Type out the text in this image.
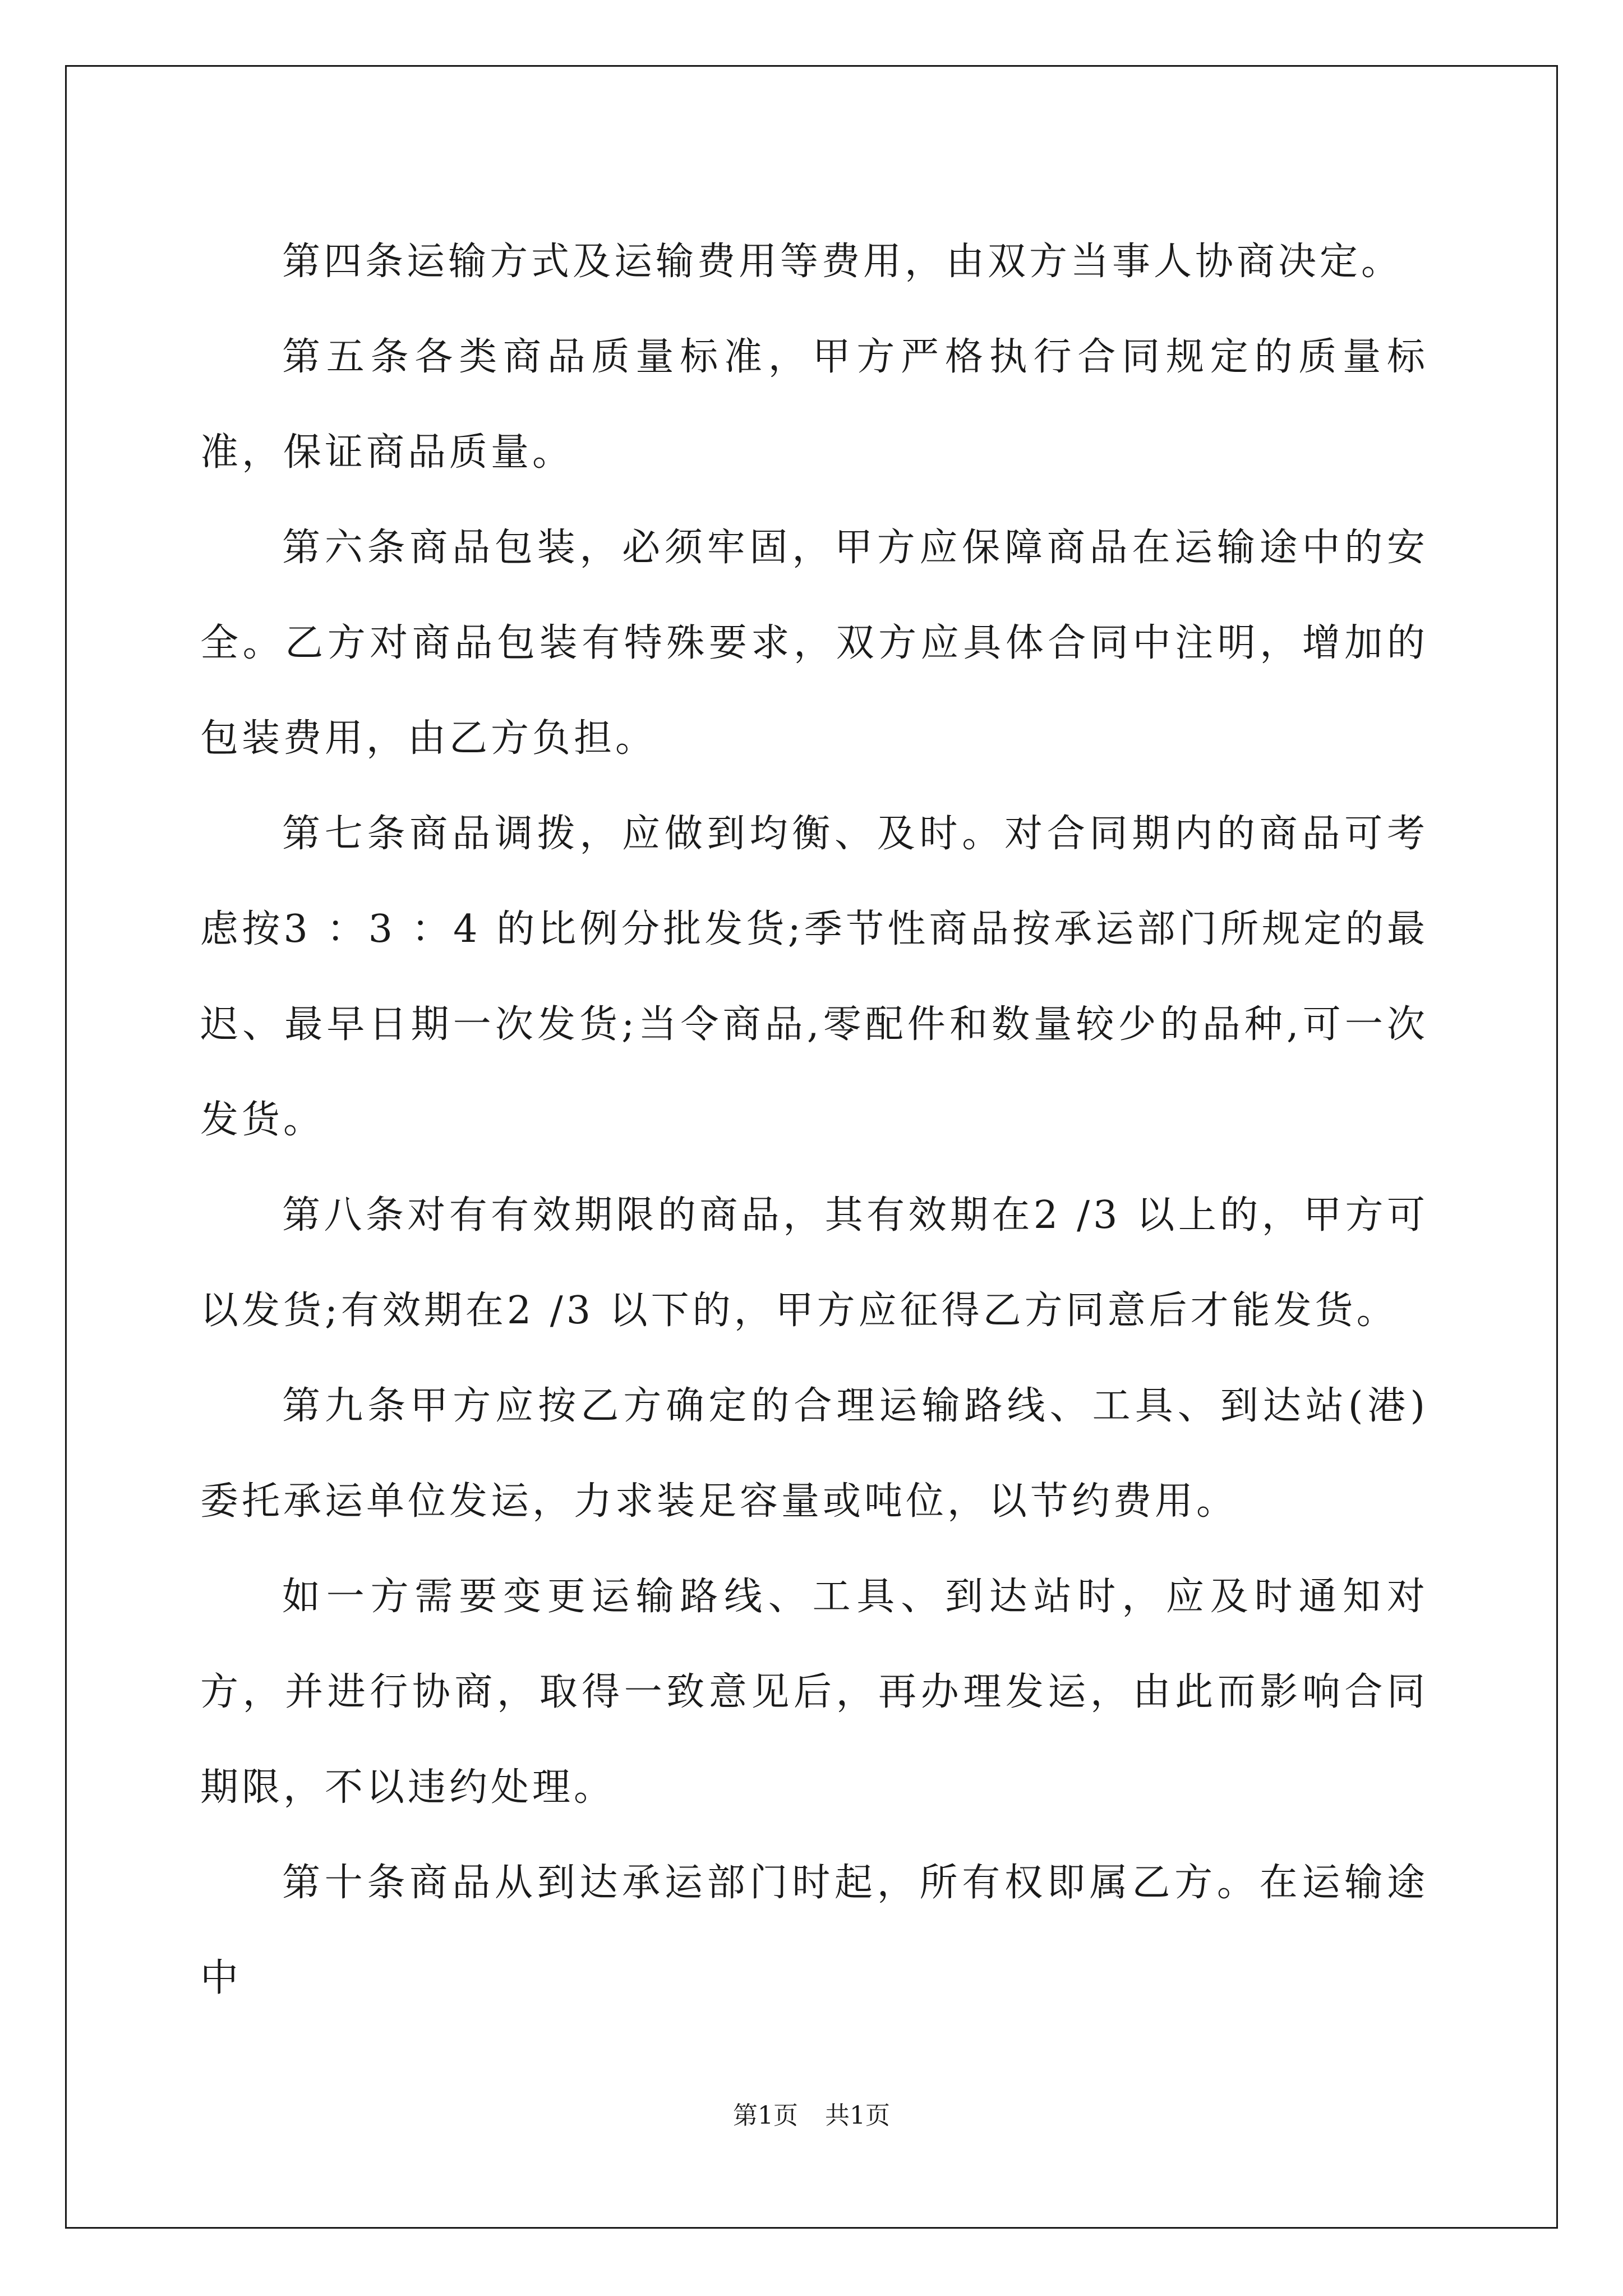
第四条运输方式及运输费用等费用，由双方当事人协商决定。

第五条各类商品质量标准，甲方严格执行合同规定的质量标准，保证商品质量。

第六条商品包装，必须牢固，甲方应保障商品在运输途中的安全。乙方对商品包装有特殊要求，双方应具体合同中注明，增加的包装费用，由乙方负担。

第七条商品调拨，应做到均衡、及时。对合同期内的商品可考虑按3 ：3 ：4 的比例分批发货;季节性商品按承运部门所规定的最迟、最早日期一次发货;当令商品,零配件和数量较少的品种,可一次发货。

第八条对有有效期限的商品，其有效期在2 /3 以上的，甲方可以发货;有效期在2 /3 以下的，甲方应征得乙方同意后才能发货。

第九条甲方应按乙方确定的合理运输路线、工具、到达站(港)委托承运单位发运，力求装足容量或吨位，以节约费用。

如一方需要变更运输路线、工具、到达站时，应及时通知对方，并进行协商，取得一致意见后，再办理发运，由此而影响合同期限，不以违约处理。

第十条商品从到达承运部门时起，所有权即属乙方。在运输途中

第1页 共1页
